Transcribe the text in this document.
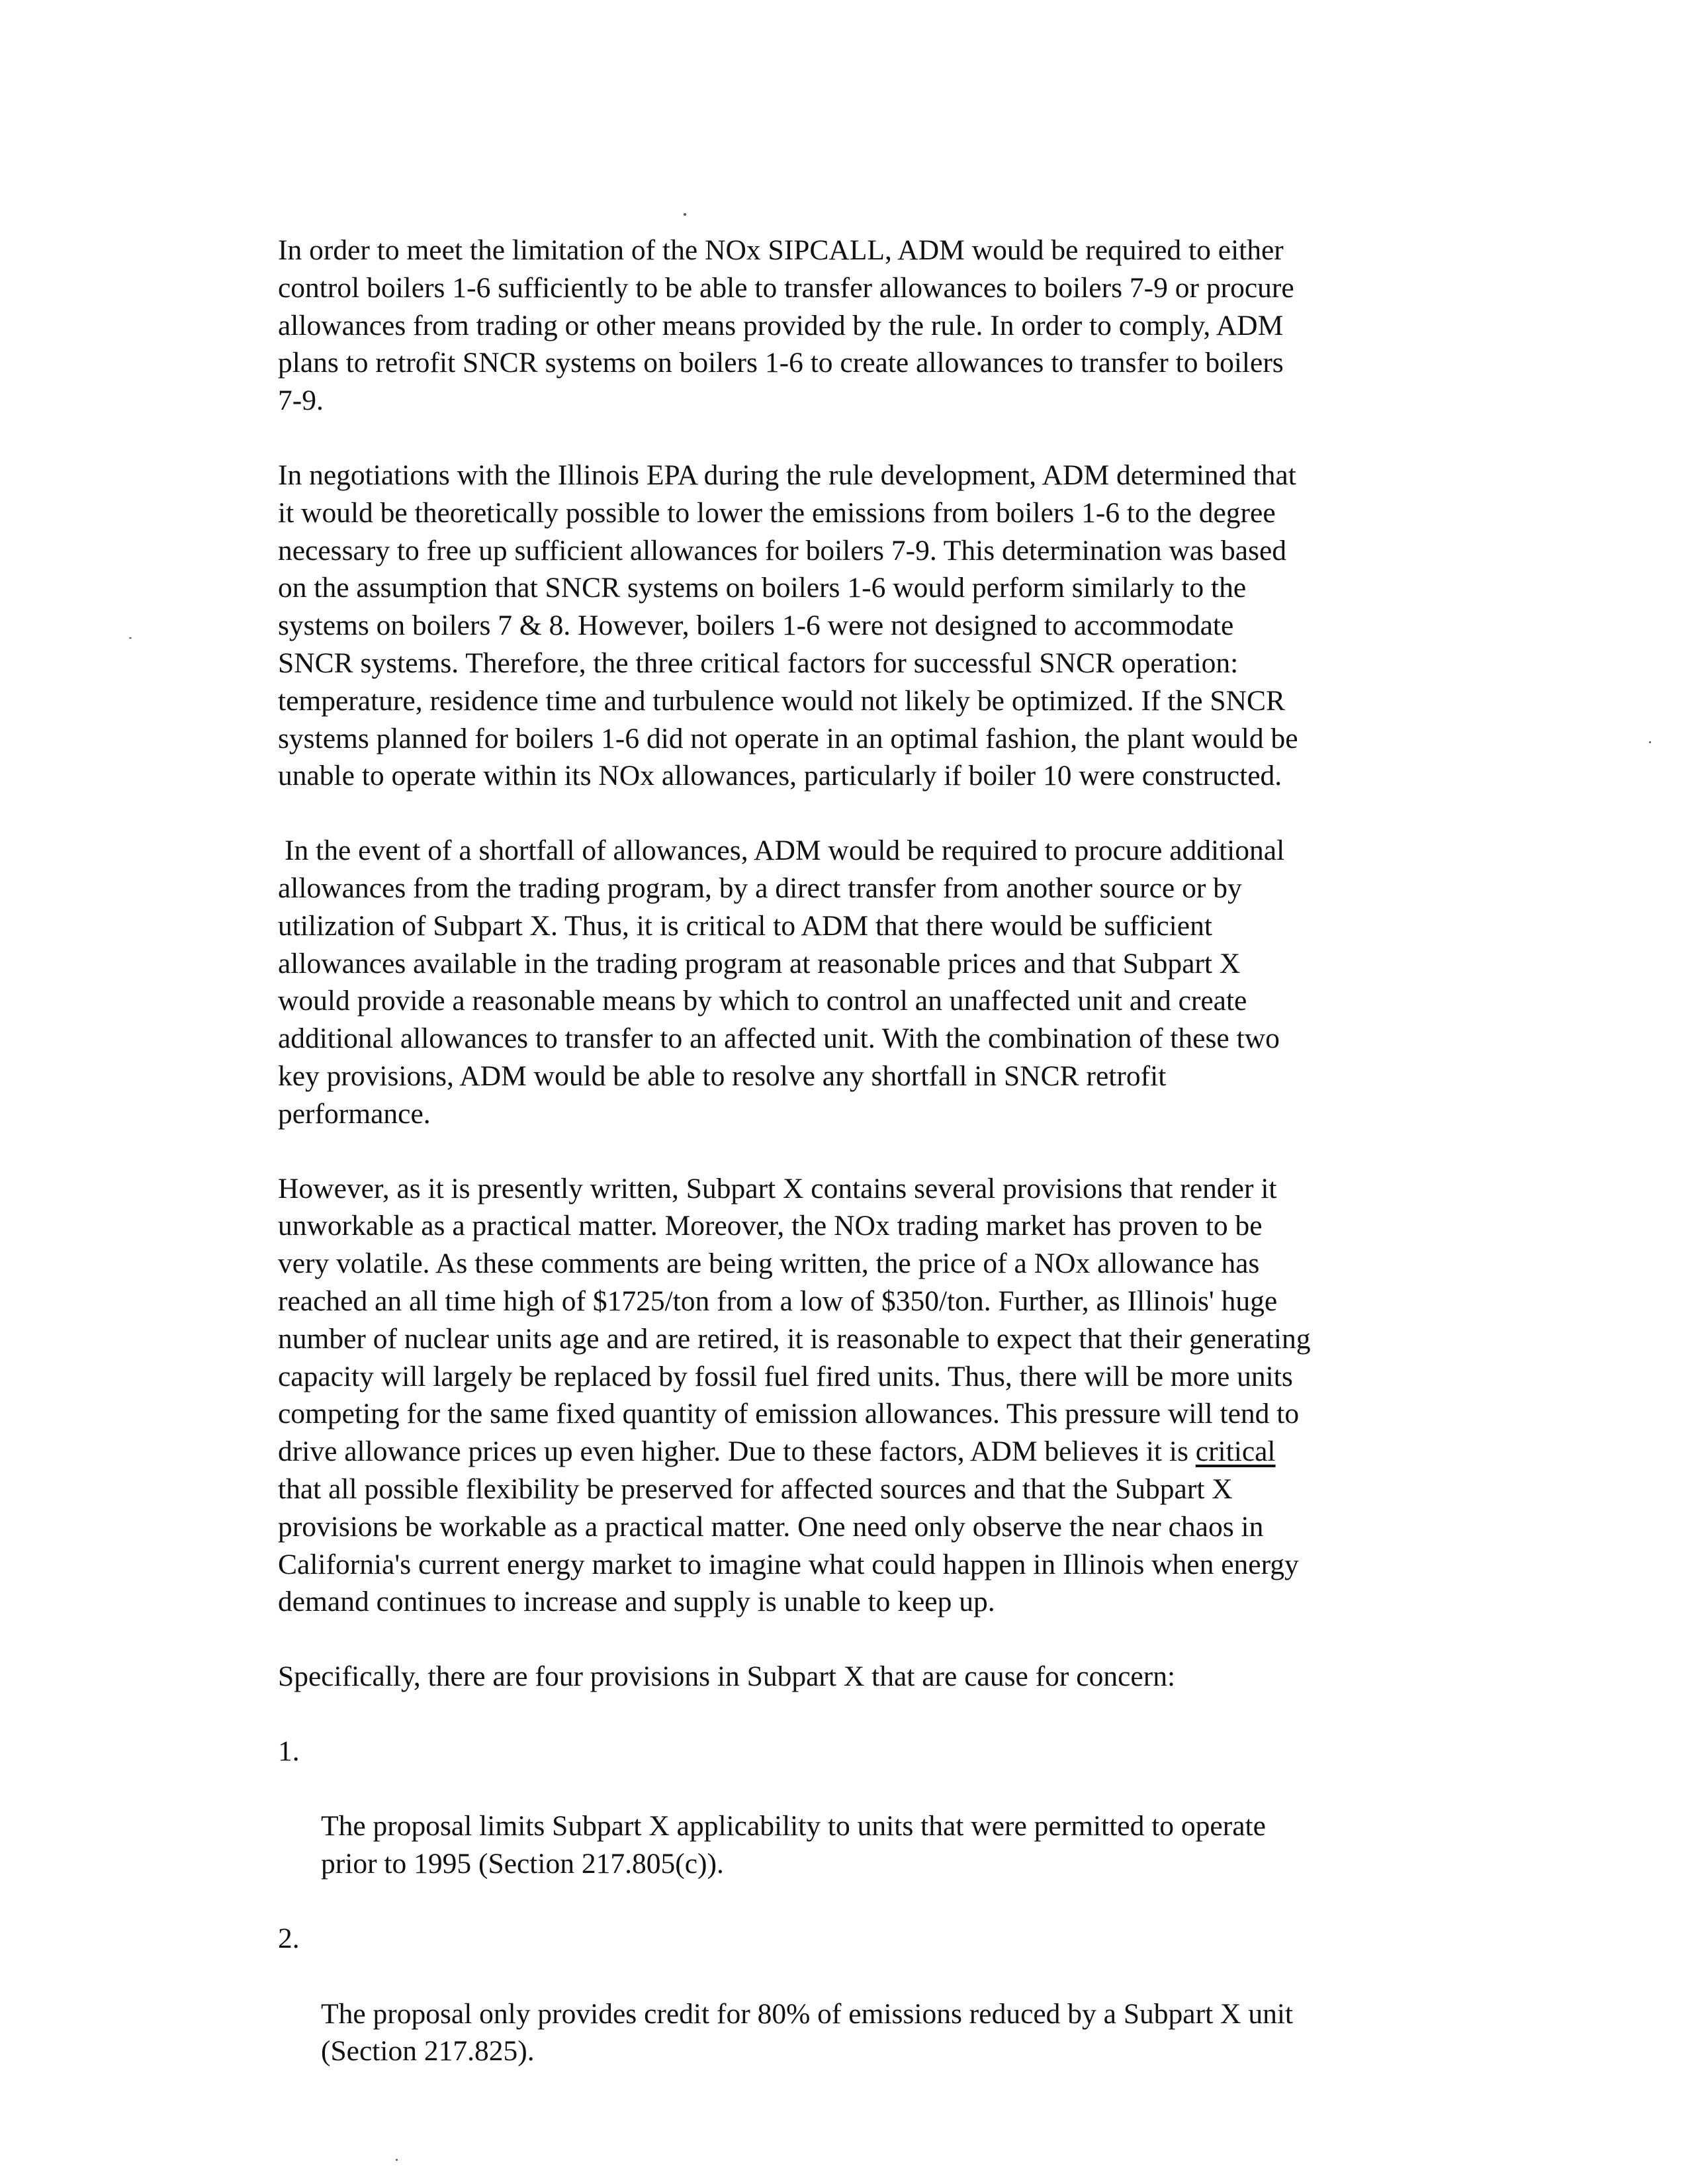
In order to meet the limitation of the NOx SIPCALL, ADM would be required to either
control boilers 1-6 sufficiently to be able to transfer allowances to boilers 7-9 or procure
allowances from trading or other means provided by the rule. In order to comply, ADM
plans to retrofit SNCR systems on boilers 1-6 to create allowances to transfer to boilers
7-9.

In negotiations with the Illinois EPA during the rule development, ADM determined that
it would be theoretically possible to lower the emissions from boilers 1-6 to the degree
necessary to free up sufficient allowances for boilers 7-9. This determination was based
on the assumption that SNCR systems on boilers 1-6 would perform similarly to the
systems on boilers 7 & 8. However, boilers 1-6 were not designed to accommodate
SNCR systems. Therefore, the three critical factors for successful SNCR operation:
temperature, residence time and turbulence would not likely be optimized. If the SNCR
systems planned for boilers 1-6 did not operate in an optimal fashion, the plant would be
unable to operate within its NOx allowances, particularly if boiler 10 were constructed.

In the event of a shortfall of allowances, ADM would be required to procure additional
allowances from the trading program, by a direct transfer from another source or by
utilization of Subpart X. Thus, it is critical to ADM that there would be sufficient
allowances available in the trading program at reasonable prices and that Subpart X
would provide a reasonable means by which to control an unaffected unit and create
additional allowances to transfer to an affected unit. With the combination of these two
key provisions, ADM would be able to resolve any shortfall in SNCR retrofit
performance.

However, as it is presently written, Subpart X contains several provisions that render it
unworkable as a practical matter. Moreover, the NOx trading market has proven to be
very volatile. As these comments are being written, the price of a NOx allowance has
reached an all time high of $1725/ton from a low of $350/ton. Further, as Illinois' huge
number of nuclear units age and are retired, it is reasonable to expect that their generating
capacity will largely be replaced by fossil fuel fired units. Thus, there will be more units
competing for the same fixed quantity of emission allowances. This pressure will tend to
drive allowance prices up even higher. Due to these factors, ADM believes it is critical
that all possible flexibility be preserved for affected sources and that the Subpart X
provisions be workable as a practical matter. One need only observe the near chaos in
California's current energy market to imagine what could happen in Illinois when energy
demand continues to increase and supply is unable to keep up.

Specifically, there are four provisions in Subpart X that are cause for concern:

1.

The proposal limits Subpart X applicability to units that were permitted to operate
prior to 1995 (Section 217.805(c)).

2.

The proposal only provides credit for 80% of emissions reduced by a Subpart X unit
(Section 217.825).
